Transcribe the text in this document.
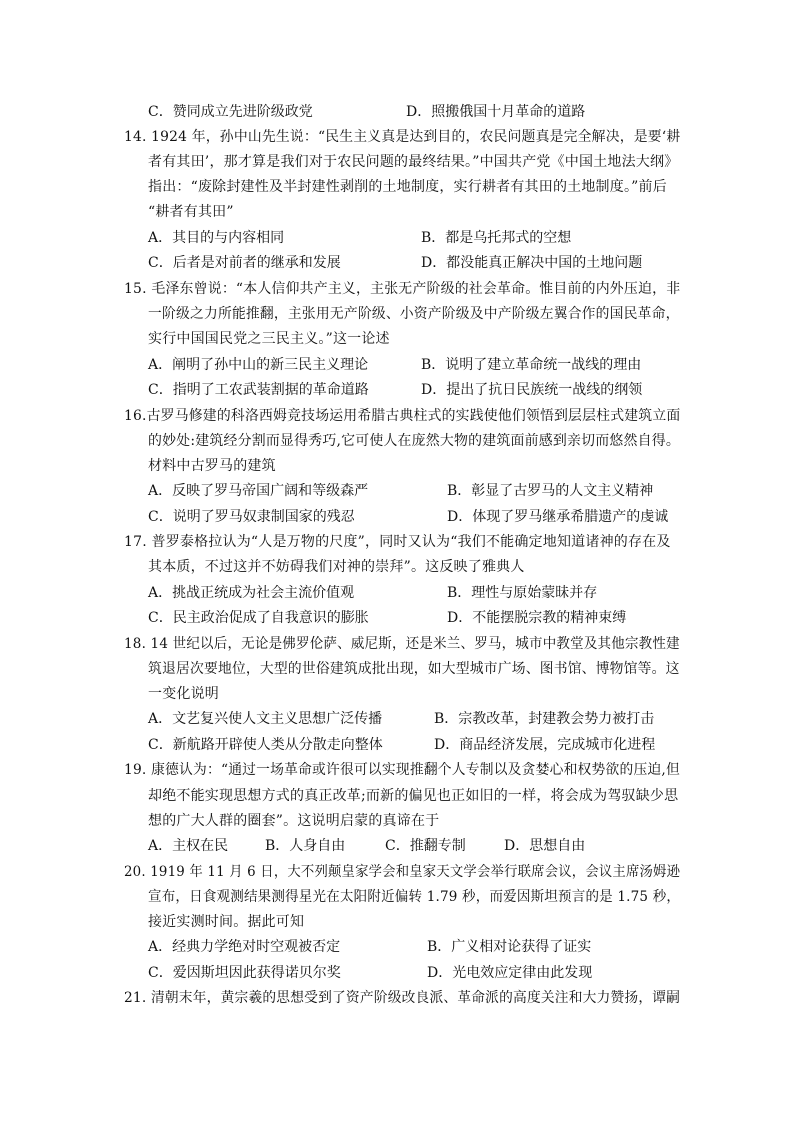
C．赞同成立先进阶级政党	D．照搬俄国十月革命的道路
14. 1924 年，孙中山先生说：“民生主义真是达到目的，农民问题真是完全解决，是要‘耕
者有其田’，那才算是我们对于农民问题的最终结果。”中国共产党《中国土地法大纲》
指出：“废除封建性及半封建性剥削的土地制度，实行耕者有其田的土地制度。”前后
“耕者有其田”
A．其目的与内容相同	B．都是乌托邦式的空想
C．后者是对前者的继承和发展	D．都没能真正解决中国的土地问题
15. 毛泽东曾说：“本人信仰共产主义，主张无产阶级的社会革命。惟目前的内外压迫，非
一阶级之力所能推翻，主张用无产阶级、小资产阶级及中产阶级左翼合作的国民革命，
实行中国国民党之三民主义。”这一论述
A．阐明了孙中山的新三民主义理论	B．说明了建立革命统一战线的理由
C．指明了工农武装割据的革命道路	D．提出了抗日民族统一战线的纲领
16.古罗马修建的科洛西姆竞技场运用希腊古典柱式的实践使他们领悟到层层柱式建筑立面
的妙处:建筑经分割而显得秀巧,它可使人在庞然大物的建筑面前感到亲切而悠然自得。
材料中古罗马的建筑
A．反映了罗马帝国广阔和等级森严	B．彰显了古罗马的人文主义精神
C．说明了罗马奴隶制国家的残忍	D．体现了罗马继承希腊遗产的虔诚
17. 普罗泰格拉认为“人是万物的尺度”，同时又认为“我们不能确定地知道诸神的存在及
其本质，不过这并不妨碍我们对神的崇拜”。这反映了雅典人
A．挑战正统成为社会主流价值观	B．理性与原始蒙昧并存
C．民主政治促成了自我意识的膨胀	D．不能摆脱宗教的精神束缚
18. 14 世纪以后，无论是佛罗伦萨、威尼斯，还是米兰、罗马，城市中教堂及其他宗教性建
筑退居次要地位，大型的世俗建筑成批出现，如大型城市广场、图书馆、博物馆等。这
一变化说明
A．文艺复兴使人文主义思想广泛传播	B．宗教改革，封建教会势力被打击
C．新航路开辟使人类从分散走向整体	D．商品经济发展，完成城市化进程
19. 康德认为：“通过一场革命或许很可以实现推翻个人专制以及贪婪心和权势欲的压迫,但
却绝不能实现思想方式的真正改革;而新的偏见也正如旧的一样，将会成为驾驭缺少思
想的广大人群的圈套”。这说明启蒙的真谛在于
A．主权在民	B．人身自由	C．推翻专制	D．思想自由
20. 1919 年 11 月 6 日，大不列颠皇家学会和皇家天文学会举行联席会议，会议主席汤姆逊
宣布，日食观测结果测得星光在太阳附近偏转 1.79 秒，而爱因斯坦预言的是 1.75 秒，
接近实测时间。据此可知
A．经典力学绝对时空观被否定	B．广义相对论获得了证实
C．爱因斯坦因此获得诺贝尔奖	D．光电效应定律由此发现
21. 清朝末年，黄宗羲的思想受到了资产阶级改良派、革命派的高度关注和大力赞扬，谭嗣
